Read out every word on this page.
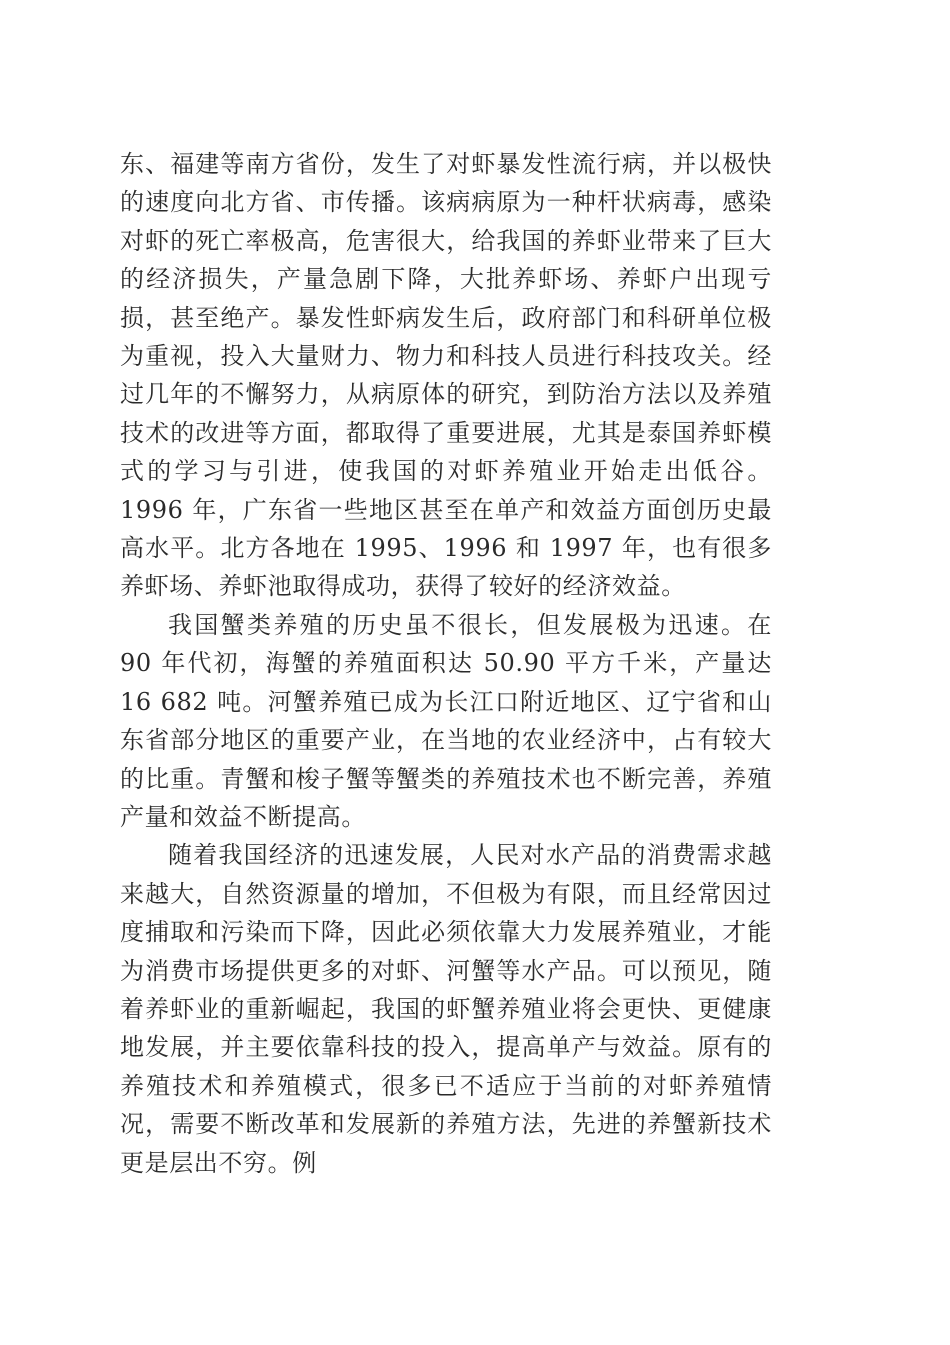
东、福建等南方省份，发生了对虾暴发性流行病，并以极快的速度向北方省、市传播。该病病原为一种杆状病毒，感染对虾的死亡率极高，危害很大，给我国的养虾业带来了巨大的经济损失，产量急剧下降，大批养虾场、养虾户出现亏损，甚至绝产。暴发性虾病发生后，政府部门和科研单位极为重视，投入大量财力、物力和科技人员进行科技攻关。经过几年的不懈努力，从病原体的研究，到防治方法以及养殖技术的改进等方面，都取得了重要进展，尤其是泰国养虾模式的学习与引进，使我国的对虾养殖业开始走出低谷。 1996 年，广东省一些地区甚至在单产和效益方面创历史最高水平。北方各地在 1995、1996 和 1997 年，也有很多养虾场、养虾池取得成功，获得了较好的经济效益。

我国蟹类养殖的历史虽不很长，但发展极为迅速。在 90 年代初，海蟹的养殖面积达 50.90 平方千米，产量达 16 682 吨。河蟹养殖已成为长江口附近地区、辽宁省和山东省部分地区的重要产业，在当地的农业经济中，占有较大的比重。青蟹和梭子蟹等蟹类的养殖技术也不断完善，养殖产量和效益不断提高。

随着我国经济的迅速发展，人民对水产品的消费需求越来越大，自然资源量的增加，不但极为有限，而且经常因过度捕取和污染而下降，因此必须依靠大力发展养殖业，才能为消费市场提供更多的对虾、河蟹等水产品。可以预见，随着养虾业的重新崛起，我国的虾蟹养殖业将会更快、更健康地发展，并主要依靠科技的投入，提高单产与效益。原有的养殖技术和养殖模式，很多已不适应于当前的对虾养殖情况，需要不断改革和发展新的养殖方法，先进的养蟹新技术更是层出不穷。例
